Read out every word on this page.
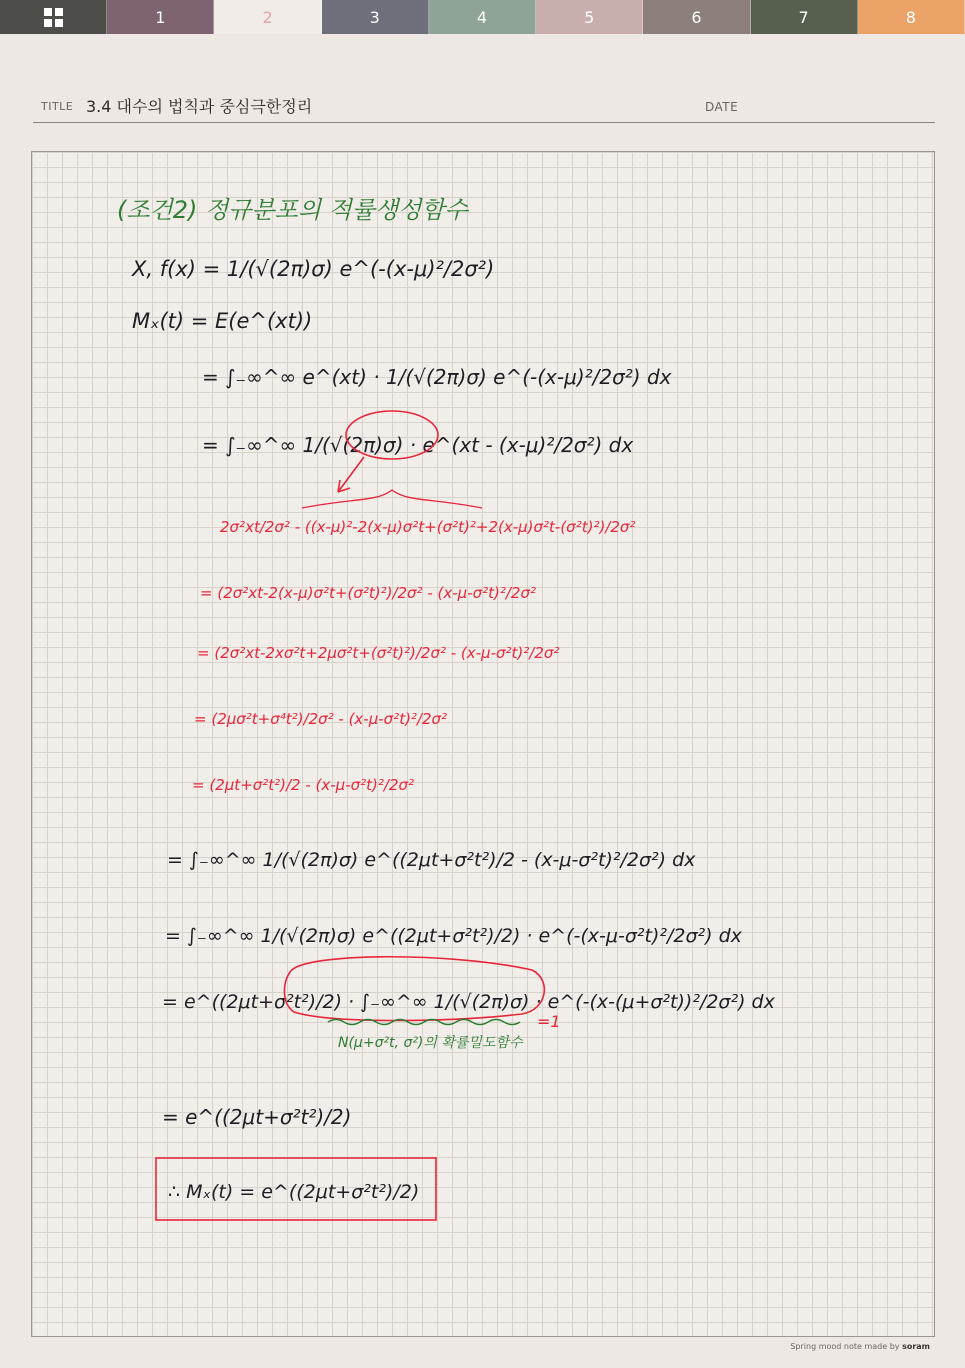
1	2	3	4	5	6	7	8
TITLE 3.4 대수의 법칙과 중심극한정리	DATE
(조건2) 정규분포의 적률생성함수
X, f(x) = 1/(√(2π)σ) e^(-(x-μ)²/2σ²)
Mₓ(t) = E(e^(xt))
= ∫₋∞^∞ e^(xt) · 1/(√(2π)σ) e^(-(x-μ)²/2σ²) dx
= ∫₋∞^∞ 1/(√(2π)σ) · e^(xt - (x-μ)²/2σ²) dx
2σ²xt/2σ² - ((x-μ)²-2(x-μ)σ²t+(σ²t)²+2(x-μ)σ²t-(σ²t)²)/2σ²
= (2σ²xt-2(x-μ)σ²t+(σ²t)²)/2σ² - (x-μ-σ²t)²/2σ²
= (2σ²xt-2xσ²t+2μσ²t+(σ²t)²)/2σ² - (x-μ-σ²t)²/2σ²
= (2μσ²t+σ⁴t²)/2σ² - (x-μ-σ²t)²/2σ²
= (2μt+σ²t²)/2 - (x-μ-σ²t)²/2σ²
= ∫₋∞^∞ 1/(√(2π)σ) e^((2μt+σ²t²)/2 - (x-μ-σ²t)²/2σ²) dx
= ∫₋∞^∞ 1/(√(2π)σ) e^((2μt+σ²t²)/2) · e^(-(x-μ-σ²t)²/2σ²) dx
= e^((2μt+σ²t²)/2) · ∫₋∞^∞ 1/(√(2π)σ) · e^(-(x-(μ+σ²t))²/2σ²) dx
=1
N(μ+σ²t, σ²)의 확률밀도함수
= e^((2μt+σ²t²)/2)
∴ Mₓ(t) = e^((2μt+σ²t²)/2)
Spring mood note made by soram
